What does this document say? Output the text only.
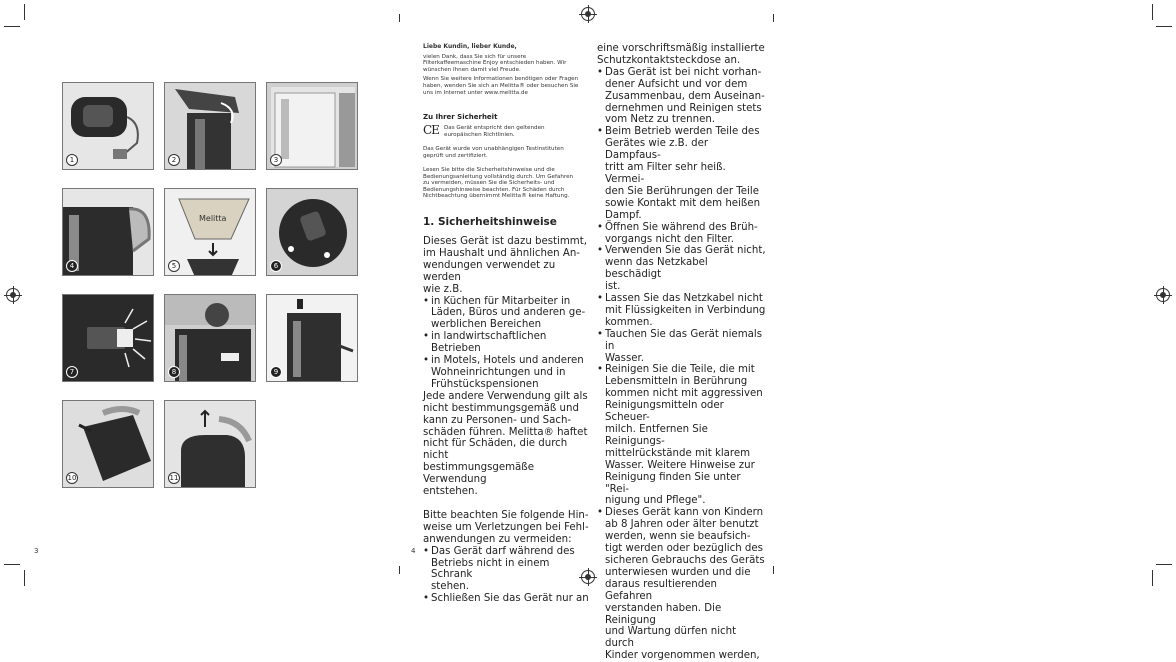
1	2	3
4
Melitta
5	6
7	8	9
10	11
3	4

Liebe Kundin, lieber Kunde,

vielen Dank, dass Sie sich für unsere Filterkaffeemaschine Enjoy entschieden haben. Wir wünschen Ihnen damit viel Freude.

Wenn Sie weitere Informationen benötigen oder Fragen haben, wenden Sie sich an Melitta® oder besuchen Sie uns im Internet unter www.melitta.de

Zu Ihrer Sicherheit
CE Das Gerät entspricht den geltenden europäischen Richtlinien.
Das Gerät wurde von unabhängigen Testinstituten geprüft und zertifiziert.
Lesen Sie bitte die Sicherheitshinweise und die Bedienungsanleitung vollständig durch. Um Gefahren zu vermeiden, müssen Sie die Sicherheits- und Bedienungshinweise beachten. Für Schäden durch Nichtbeachtung übernimmt Melitta® keine Haftung.
1. Sicherheitshinweise

Dieses Gerät ist dazu bestimmt,

im Haushalt und ähnlichen An-

wendungen verwendet zu werden

wie z.B.

• in Küchen für Mitarbeiter in

Läden, Büros und anderen ge-

werblichen Bereichen

• in landwirtschaftlichen Betrieben

• in Motels, Hotels und anderen

Wohneinrichtungen und in

Frühstückspensionen

Jede andere Verwendung gilt als

nicht bestimmungsgemäß und

kann zu Personen- und Sach-

schäden führen. Melitta® haftet

nicht für Schäden, die durch nicht

bestimmungsgemäße Verwendung

entstehen.

Bitte beachten Sie folgende Hin-

weise um Verletzungen bei Fehl-

anwendungen zu vermeiden:

• Das Gerät darf während des

Betriebs nicht in einem Schrank

stehen.

• Schließen Sie das Gerät nur an

eine vorschriftsmäßig installierte

Schutzkontaktsteckdose an.

• Das Gerät ist bei nicht vorhan-

dener Aufsicht und vor dem

Zusammenbau, dem Auseinan-

dernehmen und Reinigen stets

vom Netz zu trennen.

• Beim Betrieb werden Teile des

Gerätes wie z.B. der Dampfaus-

tritt am Filter sehr heiß. Vermei-

den Sie Berührungen der Teile

sowie Kontakt mit dem heißen

Dampf.

• Öffnen Sie während des Brüh-

vorgangs nicht den Filter.

• Verwenden Sie das Gerät nicht,

wenn das Netzkabel beschädigt

ist.

• Lassen Sie das Netzkabel nicht

mit Flüssigkeiten in Verbindung

kommen.

• Tauchen Sie das Gerät niemals in

Wasser.

• Reinigen Sie die Teile, die mit

Lebensmitteln in Berührung

kommen nicht mit aggressiven

Reinigungsmitteln oder Scheuer-

milch. Entfernen Sie Reinigungs-

mittelrückstände mit klarem

Wasser. Weitere Hinweise zur

Reinigung finden Sie unter "Rei-

nigung und Pflege".

• Dieses Gerät kann von Kindern

ab 8 Jahren oder älter benutzt

werden, wenn sie beaufsich-

tigt werden oder bezüglich des

sicheren Gebrauchs des Geräts

unterwiesen wurden und die

daraus resultierenden Gefahren

verstanden haben. Die Reinigung

und Wartung dürfen nicht durch

Kinder vorgenommen werden,
